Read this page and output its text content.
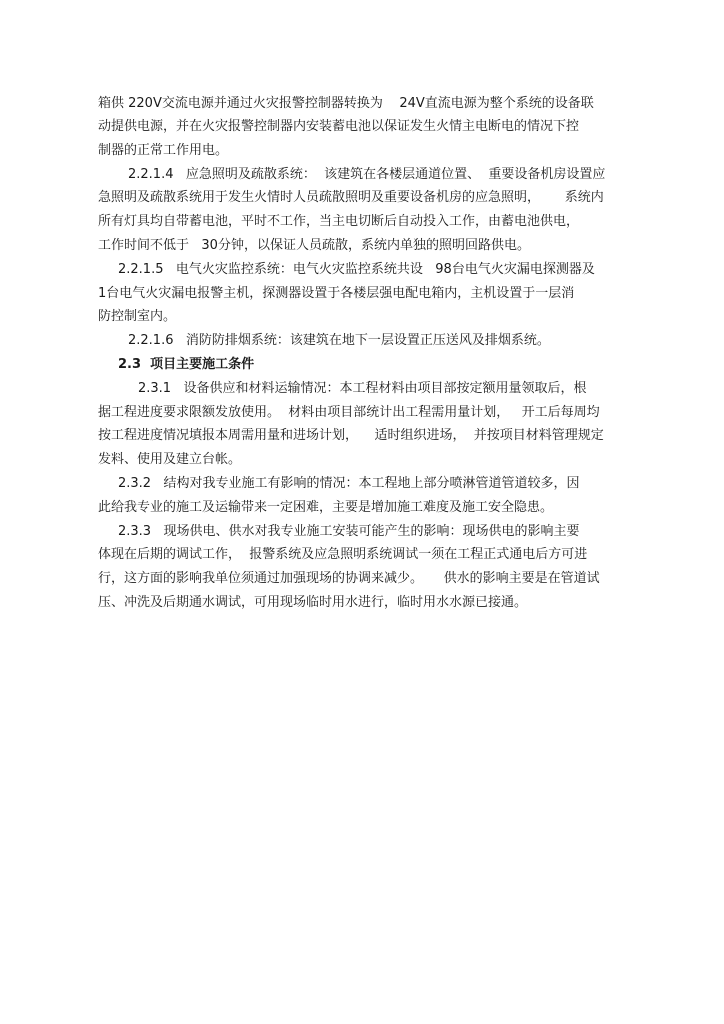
箱供 220V交流电源并通过火灾报警控制器转换为    24V直流电源为整个系统的设备联
动提供电源，并在火灾报警控制器内安装蓄电池以保证发生火情主电断电的情况下控
制器的正常工作用电。
2.2.1.4   应急照明及疏散系统：  该建筑在各楼层通道位置、  重要设备机房设置应
急照明及疏散系统用于发生火情时人员疏散照明及重要设备机房的应急照明，      系统内
所有灯具均自带蓄电池，平时不工作，当主电切断后自动投入工作，由蓄电池供电，
工作时间不低于   30分钟，以保证人员疏散，系统内单独的照明回路供电。
2.2.1.5   电气火灾监控系统：电气火灾监控系统共设   98台电气火灾漏电探测器及
1台电气火灾漏电报警主机，探测器设置于各楼层强电配电箱内，主机设置于一层消
防控制室内。
2.2.1.6   消防防排烟系统：该建筑在地下一层设置正压送风及排烟系统。
2.3  项目主要施工条件
2.3.1   设备供应和材料运输情况：本工程材料由项目部按定额用量领取后，根
据工程进度要求限额发放使用。  材料由项目部统计出工程需用量计划，   开工后每周均
按工程进度情况填报本周需用量和进场计划，    适时组织进场，  并按项目材料管理规定
发料、使用及建立台帐。
2.3.2   结构对我专业施工有影响的情况：本工程地上部分喷淋管道管道较多，因
此给我专业的施工及运输带来一定困难，主要是增加施工难度及施工安全隐患。
2.3.3   现场供电、供水对我专业施工安装可能产生的影响：现场供电的影响主要
体现在后期的调试工作，  报警系统及应急照明系统调试一须在工程正式通电后方可进
行，这方面的影响我单位须通过加强现场的协调来减少。     供水的影响主要是在管道试
压、冲洗及后期通水调试，可用现场临时用水进行，临时用水水源已接通。
